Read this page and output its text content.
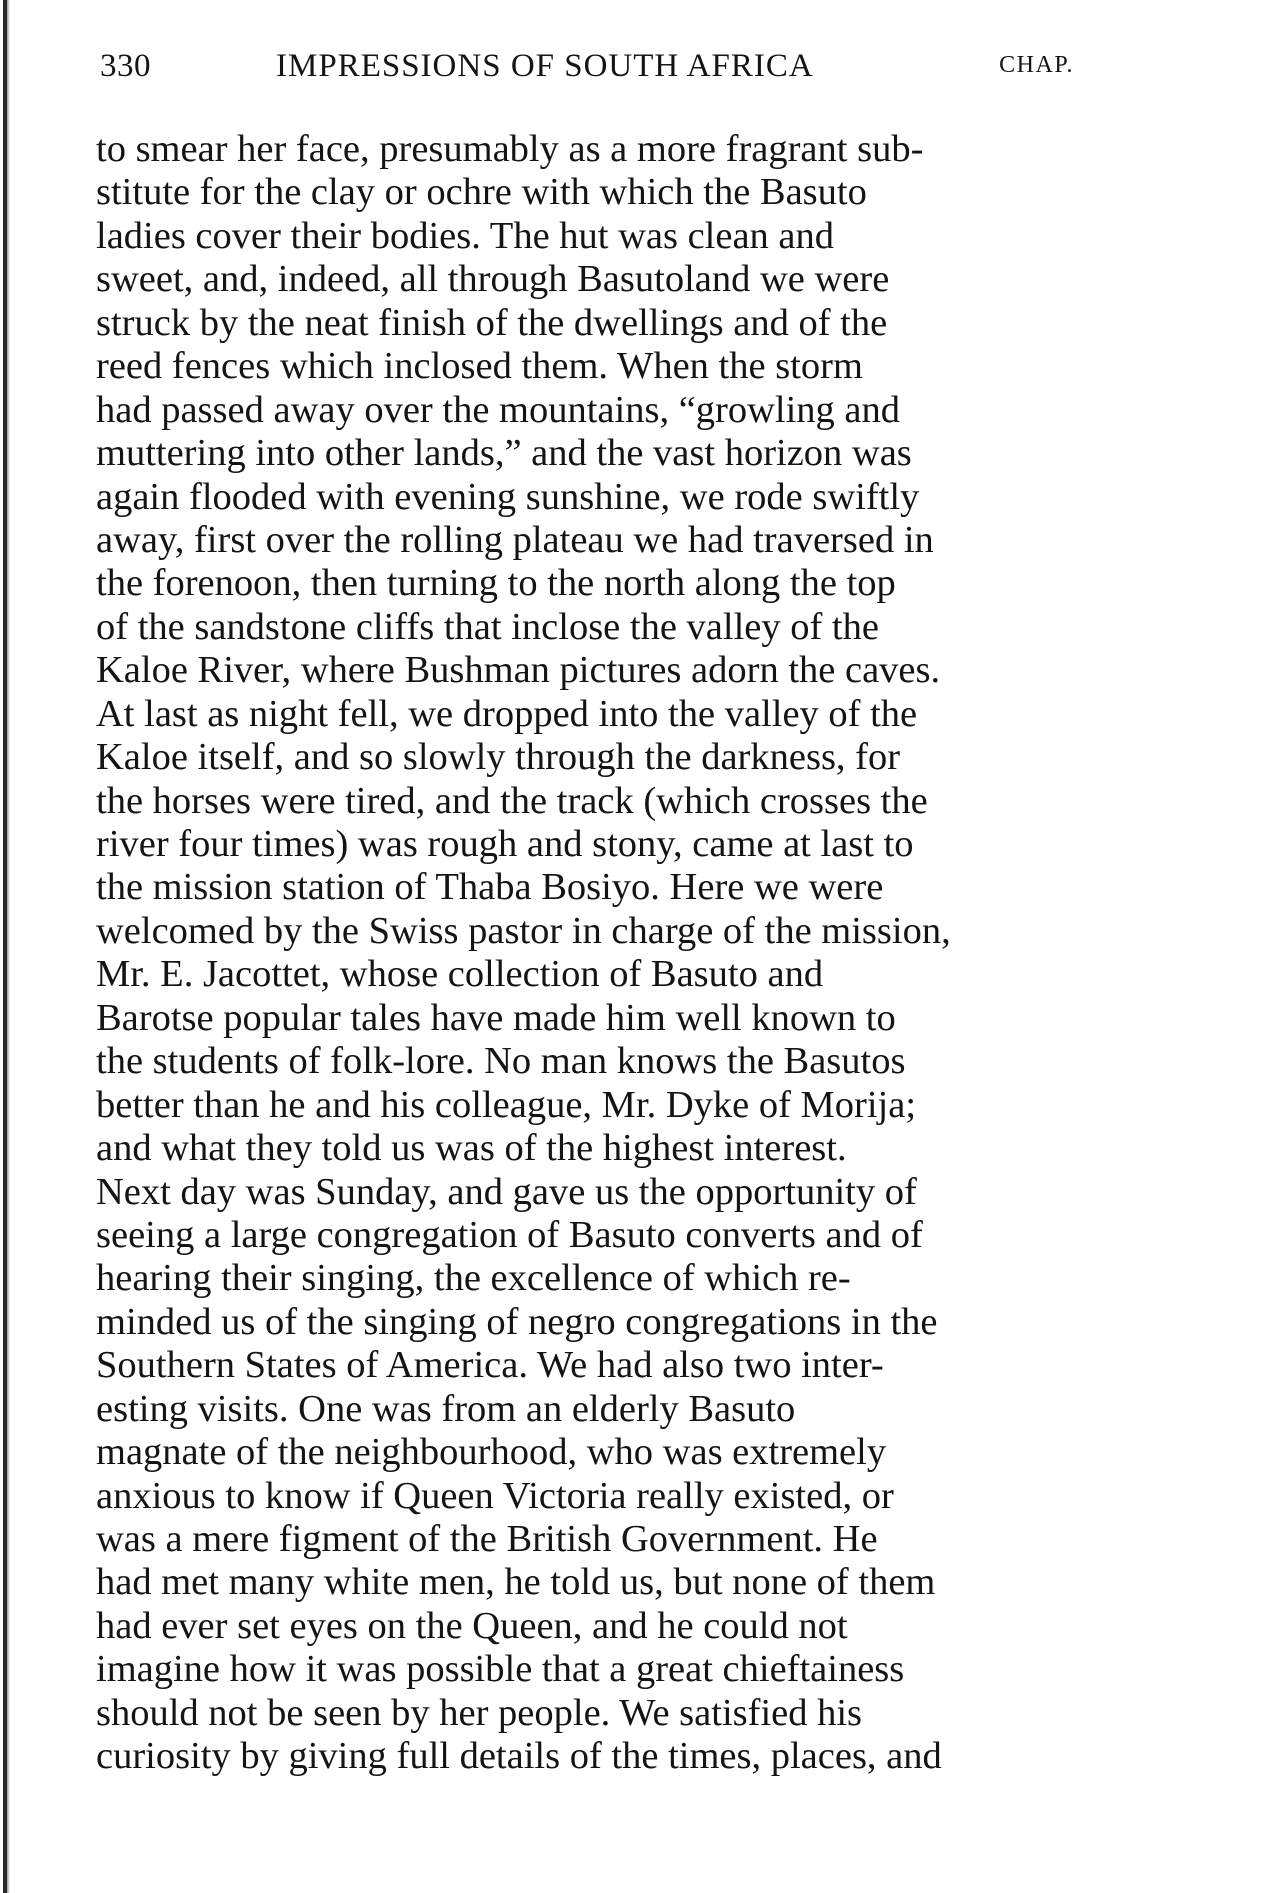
330	IMPRESSIONS OF SOUTH AFRICA	CHAP.
to smear her face, presumably as a more fragrant sub-
stitute for the clay or ochre with which the Basuto
ladies cover their bodies. The hut was clean and
sweet, and, indeed, all through Basutoland we were
struck by the neat finish of the dwellings and of the
reed fences which inclosed them. When the storm
had passed away over the mountains, “growling and
muttering into other lands,” and the vast horizon was
again flooded with evening sunshine, we rode swiftly
away, first over the rolling plateau we had traversed in
the forenoon, then turning to the north along the top
of the sandstone cliffs that inclose the valley of the
Kaloe River, where Bushman pictures adorn the caves.
At last as night fell, we dropped into the valley of the
Kaloe itself, and so slowly through the darkness, for
the horses were tired, and the track (which crosses the
river four times) was rough and stony, came at last to
the mission station of Thaba Bosiyo. Here we were
welcomed by the Swiss pastor in charge of the mission,
Mr. E. Jacottet, whose collection of Basuto and
Barotse popular tales have made him well known to
the students of folk-lore. No man knows the Basutos
better than he and his colleague, Mr. Dyke of Morija;
and what they told us was of the highest interest.
Next day was Sunday, and gave us the opportunity of
seeing a large congregation of Basuto converts and of
hearing their singing, the excellence of which re-
minded us of the singing of negro congregations in the
Southern States of America. We had also two inter-
esting visits. One was from an elderly Basuto
magnate of the neighbourhood, who was extremely
anxious to know if Queen Victoria really existed, or
was a mere figment of the British Government. He
had met many white men, he told us, but none of them
had ever set eyes on the Queen, and he could not
imagine how it was possible that a great chieftainess
should not be seen by her people. We satisfied his
curiosity by giving full details of the times, places, and
